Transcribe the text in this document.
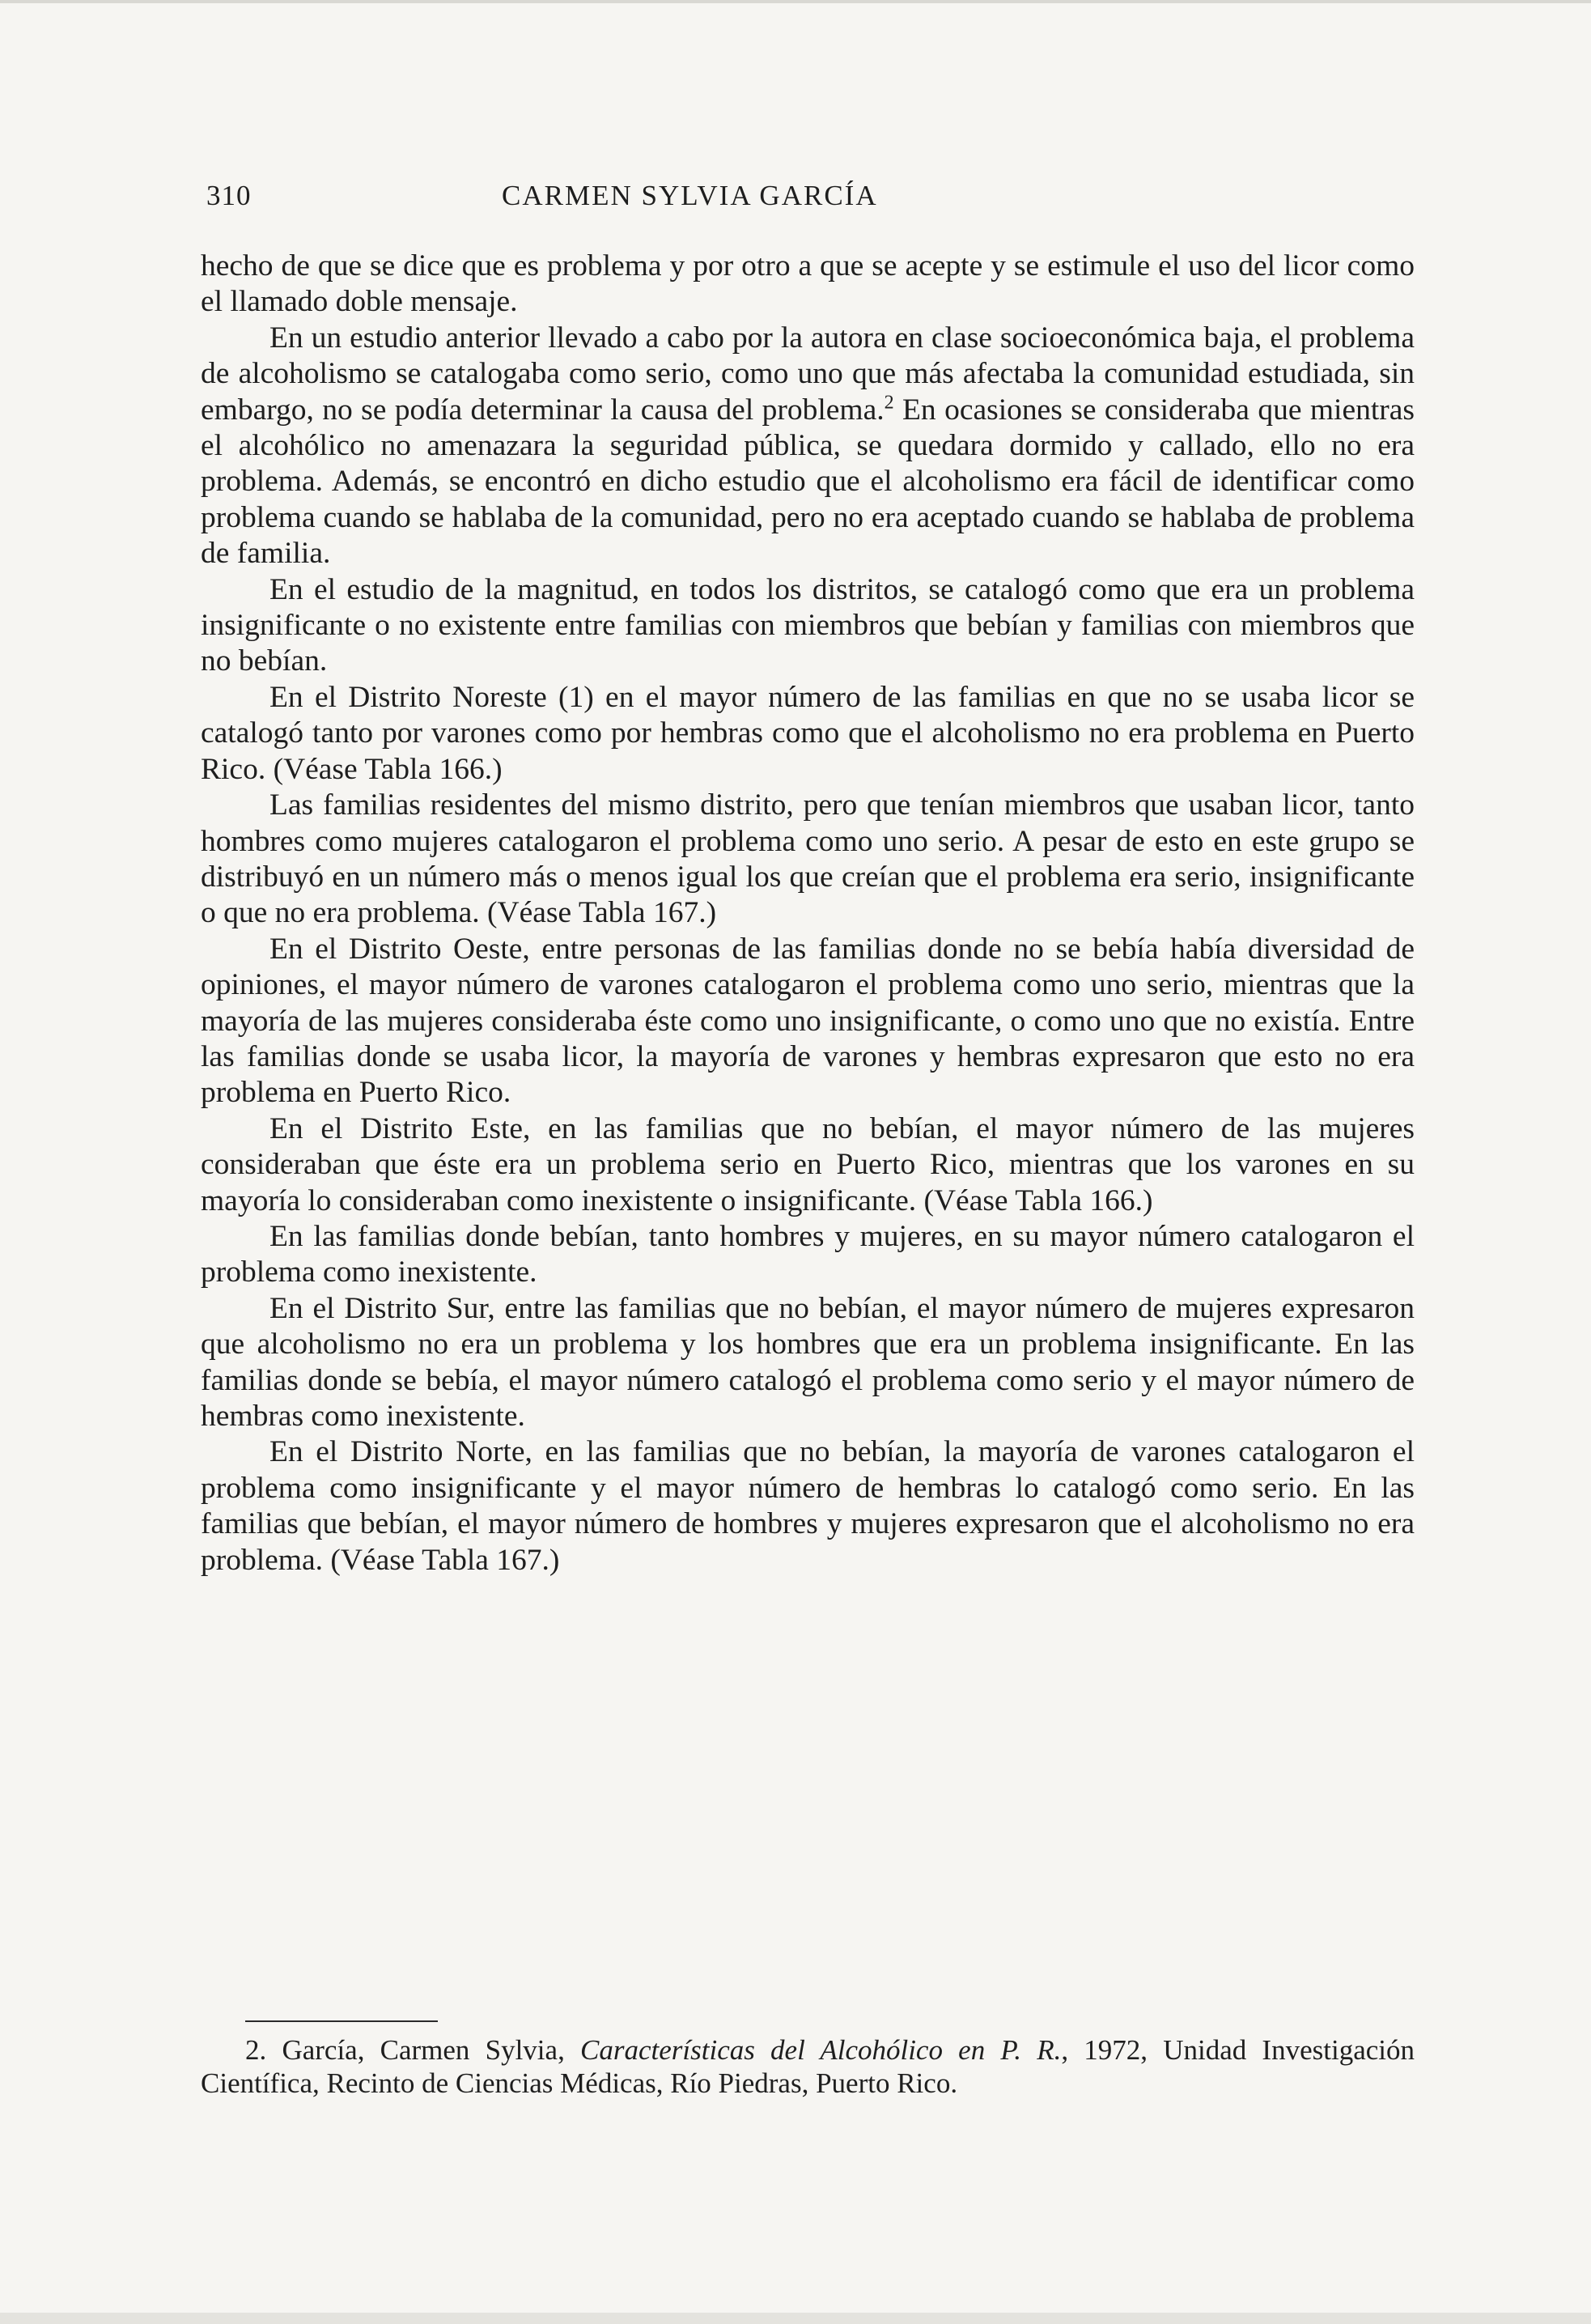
310	CARMEN SYLVIA GARCÍA

hecho de que se dice que es problema y por otro a que se acepte y se estimule el uso del licor como el llamado doble mensaje.

En un estudio anterior llevado a cabo por la autora en clase socioeconómica baja, el problema de alcoholismo se catalogaba como serio, como uno que más afectaba la comunidad estudiada, sin embargo, no se podía determinar la causa del problema.$^2$ En ocasiones se consideraba que mientras el alcohólico no amenazara la seguridad pública, se quedara dormido y callado, ello no era problema. Además, se encontró en dicho estudio que el alcoholismo era fácil de identificar como problema cuando se hablaba de la comunidad, pero no era aceptado cuando se hablaba de problema de familia.

En el estudio de la magnitud, en todos los distritos, se catalogó como que era un problema insignificante o no existente entre familias con miembros que bebían y familias con miembros que no bebían.

En el Distrito Noreste (1) en el mayor número de las familias en que no se usaba licor se catalogó tanto por varones como por hembras como que el alcoholismo no era problema en Puerto Rico. (Véase Tabla 166.)

Las familias residentes del mismo distrito, pero que tenían miembros que usaban licor, tanto hombres como mujeres catalogaron el problema como uno serio. A pesar de esto en este grupo se distribuyó en un número más o menos igual los que creían que el problema era serio, insignificante o que no era problema. (Véase Tabla 167.)

En el Distrito Oeste, entre personas de las familias donde no se bebía había diversidad de opiniones, el mayor número de varones catalogaron el problema como uno serio, mientras que la mayoría de las mujeres consideraba éste como uno insignificante, o como uno que no existía. Entre las familias donde se usaba licor, la mayoría de varones y hembras expresaron que esto no era problema en Puerto Rico.

En el Distrito Este, en las familias que no bebían, el mayor número de las mujeres consideraban que éste era un problema serio en Puerto Rico, mientras que los varones en su mayoría lo consideraban como inexistente o insignificante. (Véase Tabla 166.)

En las familias donde bebían, tanto hombres y mujeres, en su mayor número catalogaron el problema como inexistente.

En el Distrito Sur, entre las familias que no bebían, el mayor número de mujeres expresaron que alcoholismo no era un problema y los hombres que era un problema insignificante. En las familias donde se bebía, el mayor número catalogó el problema como serio y el mayor número de hembras como inexistente.

En el Distrito Norte, en las familias que no bebían, la mayoría de varones catalogaron el problema como insignificante y el mayor número de hembras lo catalogó como serio. En las familias que bebían, el mayor número de hombres y mujeres expresaron que el alcoholismo no era problema. (Véase Tabla 167.)

2. García, Carmen Sylvia, Características del Alcohólico en P. R., 1972, Unidad Investigación Científica, Recinto de Ciencias Médicas, Río Piedras, Puerto Rico.
